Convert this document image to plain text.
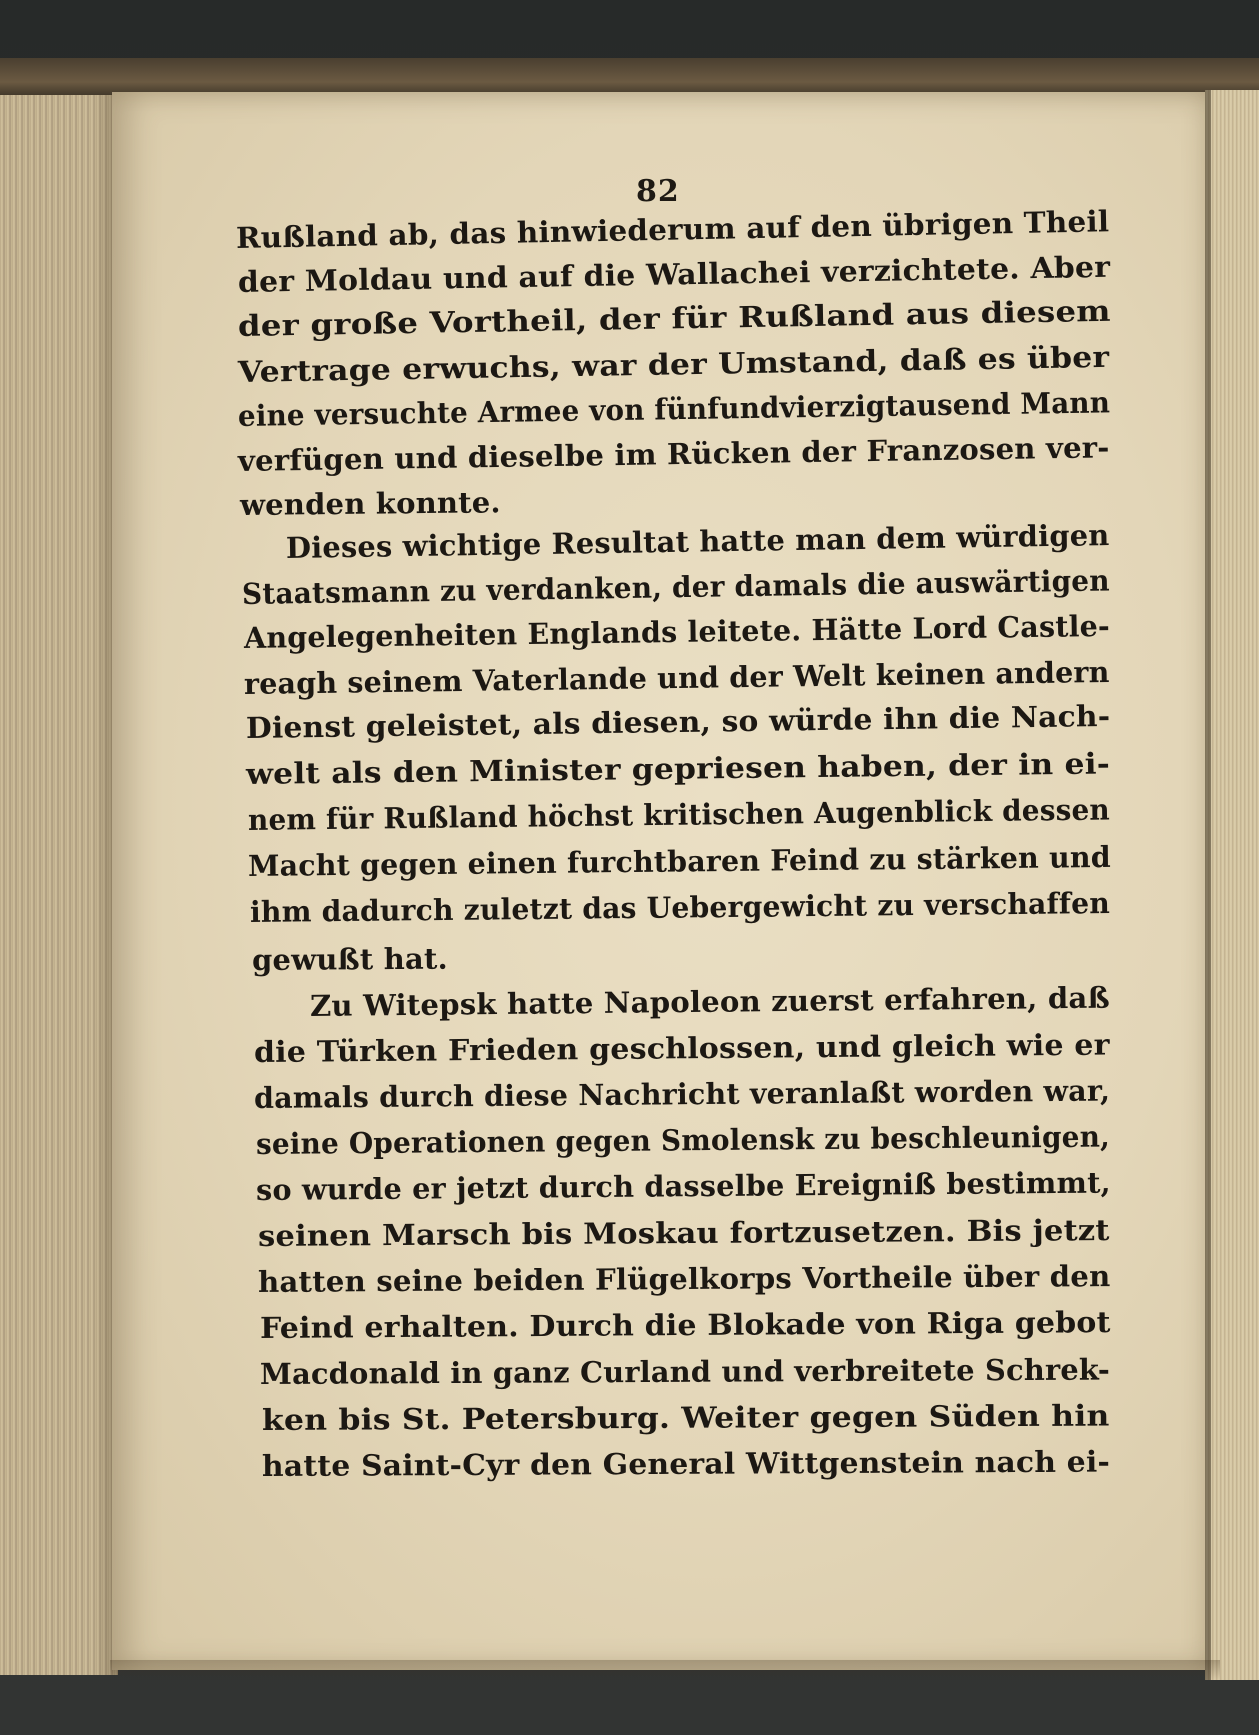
82
Rußland ab, das hinwiederum auf den übrigen Theil
der Moldau und auf die Wallachei verzichtete. Aber
der große Vortheil, der für Rußland aus diesem
Vertrage erwuchs, war der Umstand, daß es über
eine versuchte Armee von fünfundvierzigtausend Mann
verfügen und dieselbe im Rücken der Franzosen ver-
wenden konnte.
Dieses wichtige Resultat hatte man dem würdigen
Staatsmann zu verdanken, der damals die auswärtigen
Angelegenheiten Englands leitete. Hätte Lord Castle-
reagh seinem Vaterlande und der Welt keinen andern
Dienst geleistet, als diesen, so würde ihn die Nach-
welt als den Minister gepriesen haben, der in ei-
nem für Rußland höchst kritischen Augenblick dessen
Macht gegen einen furchtbaren Feind zu stärken und
ihm dadurch zuletzt das Uebergewicht zu verschaffen
gewußt hat.
Zu Witepsk hatte Napoleon zuerst erfahren, daß
die Türken Frieden geschlossen, und gleich wie er
damals durch diese Nachricht veranlaßt worden war,
seine Operationen gegen Smolensk zu beschleunigen,
so wurde er jetzt durch dasselbe Ereigniß bestimmt,
seinen Marsch bis Moskau fortzusetzen. Bis jetzt
hatten seine beiden Flügelkorps Vortheile über den
Feind erhalten. Durch die Blokade von Riga gebot
Macdonald in ganz Curland und verbreitete Schrek-
ken bis St. Petersburg. Weiter gegen Süden hin
hatte Saint-Cyr den General Wittgenstein nach ei-
